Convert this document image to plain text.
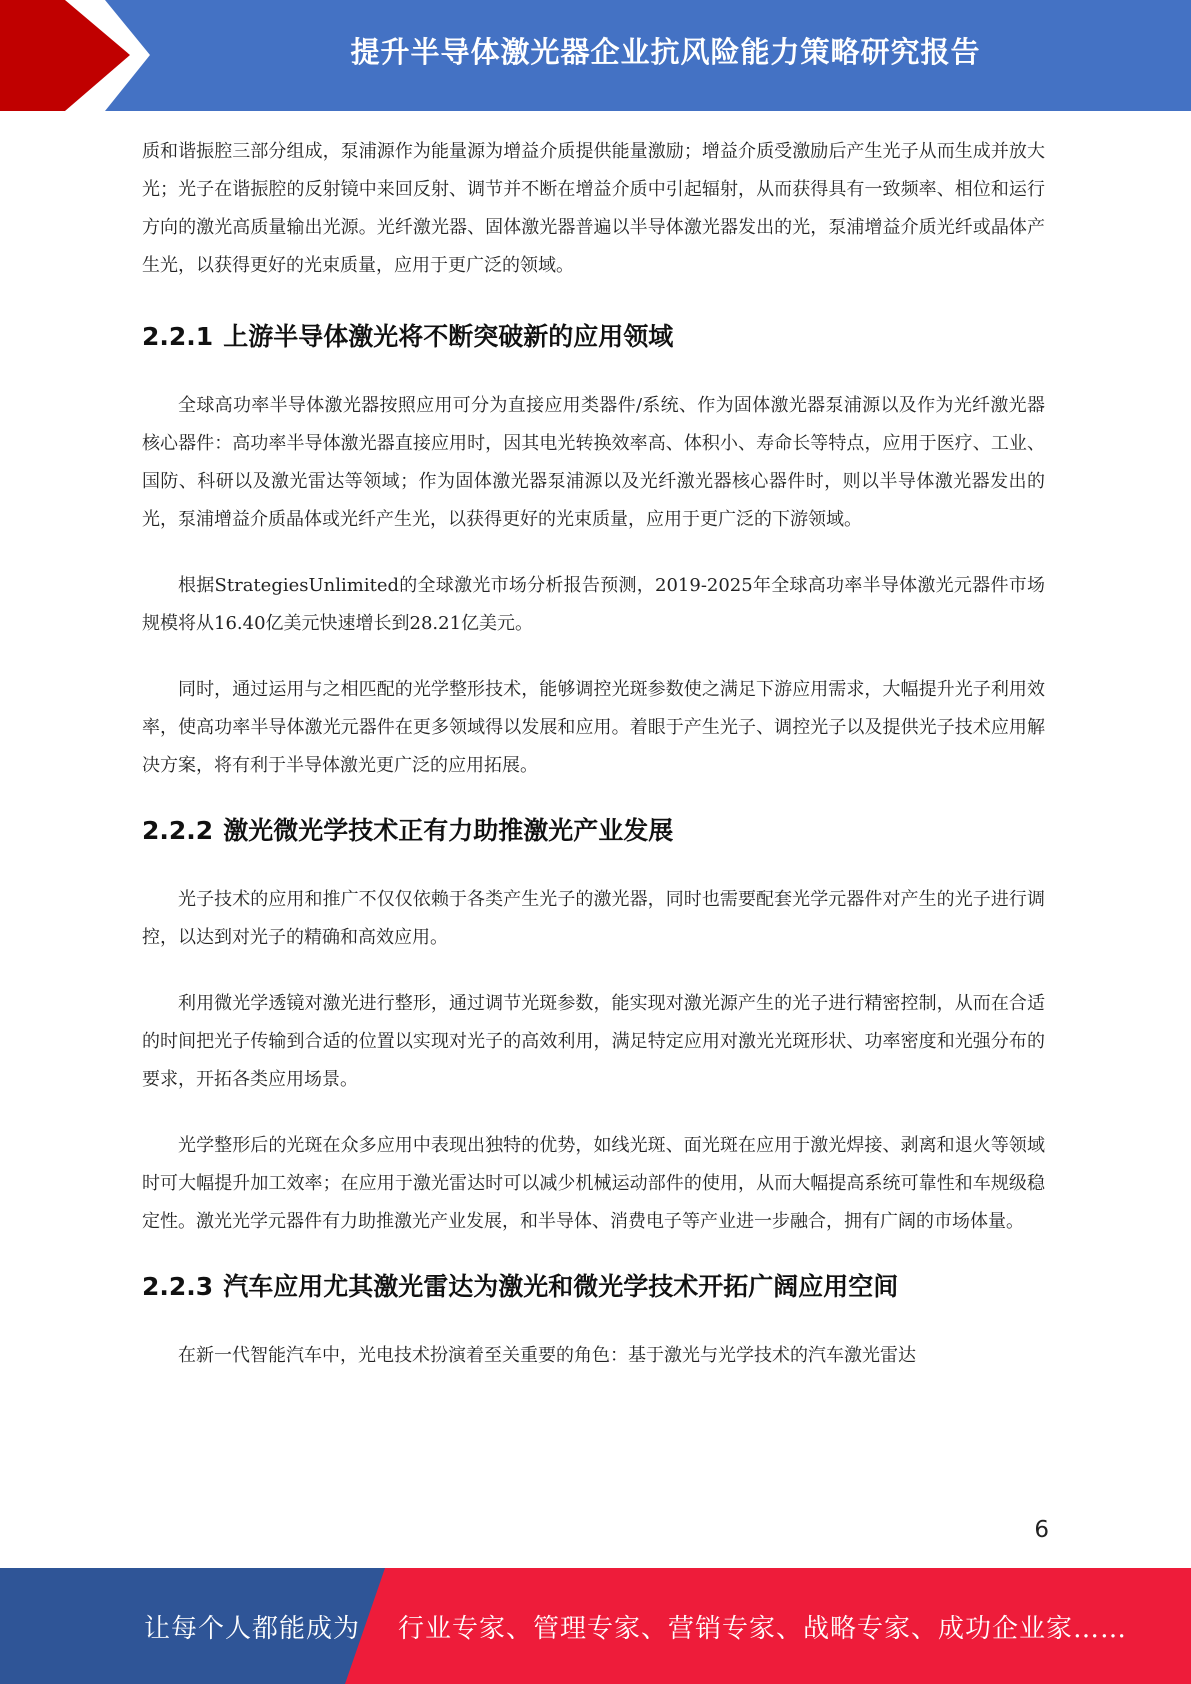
提升半导体激光器企业抗风险能力策略研究报告

质和谐振腔三部分组成，泵浦源作为能量源为增益介质提供能量激励；增益介质受激励后产生光子从而生成并放大光；光子在谐振腔的反射镜中来回反射、调节并不断在增益介质中引起辐射，从而获得具有一致频率、相位和运行方向的激光高质量输出光源。光纤激光器、固体激光器普遍以半导体激光器发出的光，泵浦增益介质光纤或晶体产生光，以获得更好的光束质量，应用于更广泛的领域。

2.2.1 上游半导体激光将不断突破新的应用领域

全球高功率半导体激光器按照应用可分为直接应用类器件/系统、作为固体激光器泵浦源以及作为光纤激光器核心器件：高功率半导体激光器直接应用时，因其电光转换效率高、体积小、寿命长等特点，应用于医疗、工业、国防、科研以及激光雷达等领域；作为固体激光器泵浦源以及光纤激光器核心器件时，则以半导体激光器发出的光，泵浦增益介质晶体或光纤产生光，以获得更好的光束质量，应用于更广泛的下游领域。

根据StrategiesUnlimited的全球激光市场分析报告预测，2019-2025年全球高功率半导体激光元器件市场规模将从16.40亿美元快速增长到28.21亿美元。

同时，通过运用与之相匹配的光学整形技术，能够调控光斑参数使之满足下游应用需求，大幅提升光子利用效率，使高功率半导体激光元器件在更多领域得以发展和应用。着眼于产生光子、调控光子以及提供光子技术应用解决方案，将有利于半导体激光更广泛的应用拓展。

2.2.2 激光微光学技术正有力助推激光产业发展

光子技术的应用和推广不仅仅依赖于各类产生光子的激光器，同时也需要配套光学元器件对产生的光子进行调控，以达到对光子的精确和高效应用。

利用微光学透镜对激光进行整形，通过调节光斑参数，能实现对激光源产生的光子进行精密控制，从而在合适的时间把光子传输到合适的位置以实现对光子的高效利用，满足特定应用对激光光斑形状、功率密度和光强分布的要求，开拓各类应用场景。

光学整形后的光斑在众多应用中表现出独特的优势，如线光斑、面光斑在应用于激光焊接、剥离和退火等领域时可大幅提升加工效率；在应用于激光雷达时可以减少机械运动部件的使用，从而大幅提高系统可靠性和车规级稳定性。激光光学元器件有力助推激光产业发展，和半导体、消费电子等产业进一步融合，拥有广阔的市场体量。

2.2.3 汽车应用尤其激光雷达为激光和微光学技术开拓广阔应用空间

在新一代智能汽车中，光电技术扮演着至关重要的角色：基于激光与光学技术的汽车激光雷达

6
让每个人都能成为 行业专家、管理专家、营销专家、战略专家、成功企业家……
